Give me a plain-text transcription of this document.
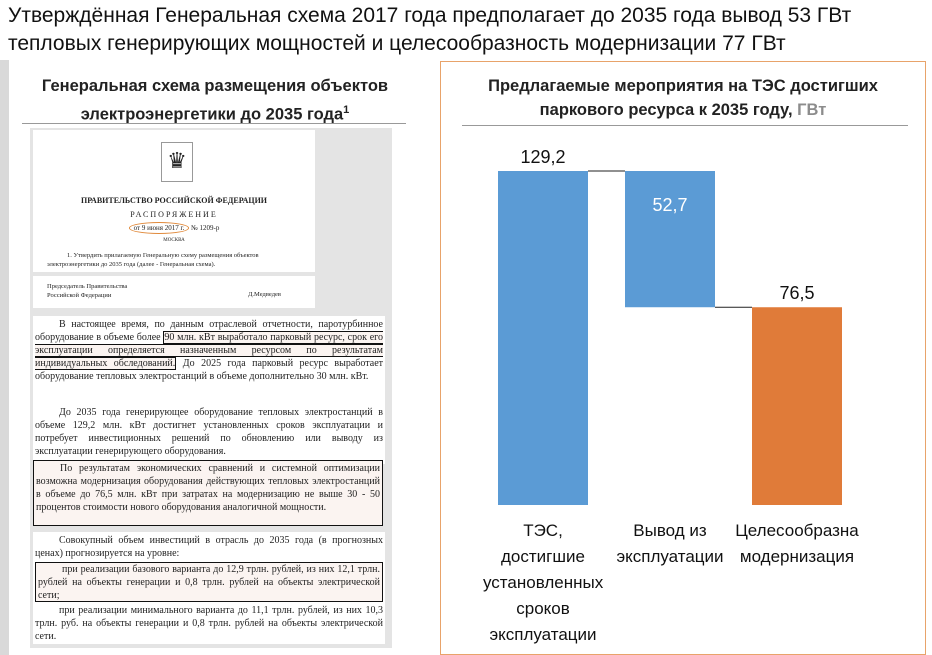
Утверждённая Генеральная схема 2017 года предполагает до 2035 года вывод 53 ГВт тепловых генерирующих мощностей и целесообразность модернизации 77 ГВт
Генеральная схема размещения объектов электроэнергетики до 2035 года$^1$
♛
ПРАВИТЕЛЬСТВО РОССИЙСКОЙ ФЕДЕРАЦИИ
РАСПОРЯЖЕНИЕ
от 9 июня 2017 г. № 1209-р
МОСКВА
1. Утвердить прилагаемую Генеральную схему размещения объектов электроэнергетики до 2035 года (далее - Генеральная схема).
Председатель Правительства Российской Федерации	Д.Медведев

В настоящее время, по данным отраслевой отчетности, паротурбинное оборудование в объеме более 90 млн. кВт выработало парковый ресурс, срок его эксплуатации определяется назначенным ресурсом по результатам индивидуальных обследований. До 2025 года парковый ресурс выработает оборудование тепловых электростанций в объеме дополнительно 30 млн. кВт.

До 2035 года генерирующее оборудование тепловых электростанций в объеме 129,2 млн. кВт достигнет установленных сроков эксплуатации и потребует инвестиционных решений по обновлению или выводу из эксплуатации генерирующего оборудования.

По результатам экономических сравнений и системной оптимизации возможна модернизация оборудования действующих тепловых электростанций в объеме до 76,5 млн. кВт при затратах на модернизацию не выше 30 - 50 процентов стоимости нового оборудования аналогичной мощности.

Совокупный объем инвестиций в отрасль до 2035 года (в прогнозных ценах) прогнозируется на уровне:

при реализации базового варианта до 12,9 трлн. рублей, из них 12,1 трлн. рублей на объекты генерации и 0,8 трлн. рублей на объекты электрической сети;

при реализации минимального варианта до 11,1 трлн. рублей, из них 10,3 трлн. руб. на объекты генерации и 0,8 трлн. рублей на объекты электрической сети.

Предлагаемые мероприятия на ТЭС достигших паркового ресурса к 2035 году, ГВт
129,2
52,7
76,5
ТЭС, достигшие установленных сроков эксплуатации
Вывод из эксплуатации
Целесообразна модернизация
